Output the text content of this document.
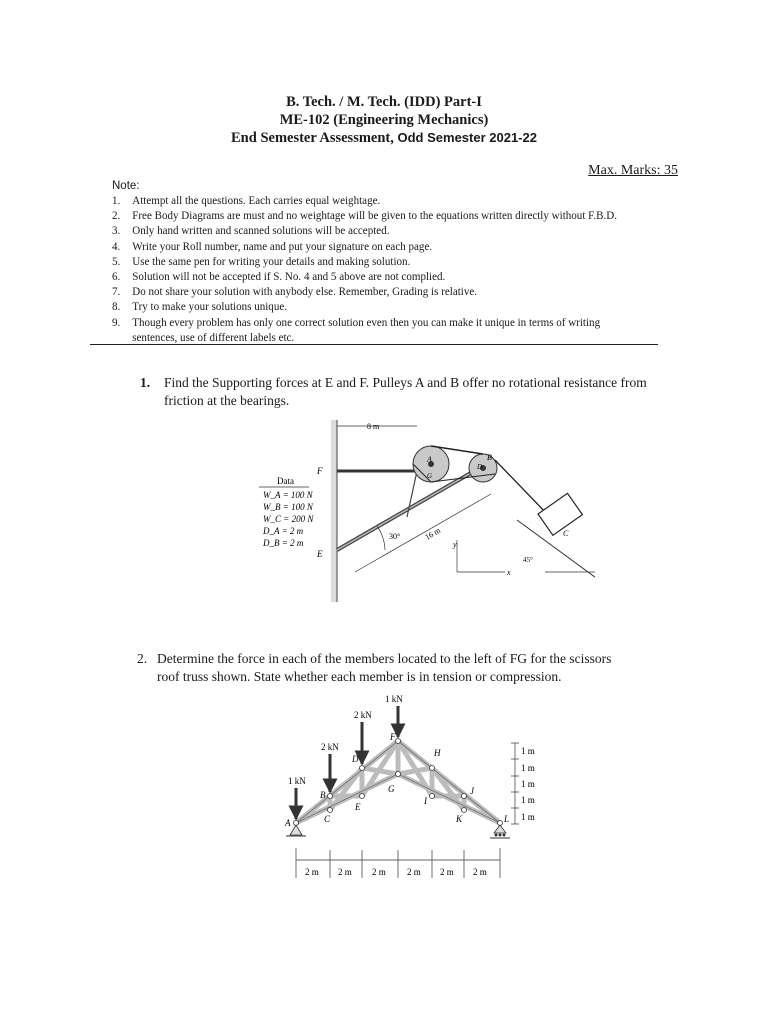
B. Tech. / M. Tech. (IDD) Part-I
ME-102 (Engineering Mechanics)
End Semester Assessment, Odd Semester 2021-22
Max. Marks: 35
Note:
1. Attempt all the questions. Each carries equal weightage.
2. Free Body Diagrams are must and no weightage will be given to the equations written directly without F.B.D.
3. Only hand written and scanned solutions will be accepted.
4. Write your Roll number, name and put your signature on each page.
5. Use the same pen for writing your details and making solution.
6. Solution will not be accepted if S. No. 4 and 5 above are not complied.
7. Do not share your solution with anybody else. Remember, Grading is relative.
8. Try to make your solutions unique.
9. Though every problem has only one correct solution even then you can make it unique in terms of writing sentences, use of different labels etc.
1.	Find the Supporting forces at E and F. Pulleys A and B offer no rotational resistance from
friction at the bearings.
8 m
16 m
30°
y
x
45°
F
E
A	B
G
D
C
Data
W_A = 100 N
W_B = 100 N
W_C = 200 N
D_A = 2 m
D_B = 2 m
2. Determine the force in each of the members located to the left of FG for the scissors
roof truss shown. State whether each member is in tension or compression.
1 kN
2 kN
2 kN
1 kN
A
B
C
D
E
F
G
H
I
J
K	L
1 m
1 m
1 m
1 m
1 m
2 m 2 m 2 m 2 m 2 m 2 m
